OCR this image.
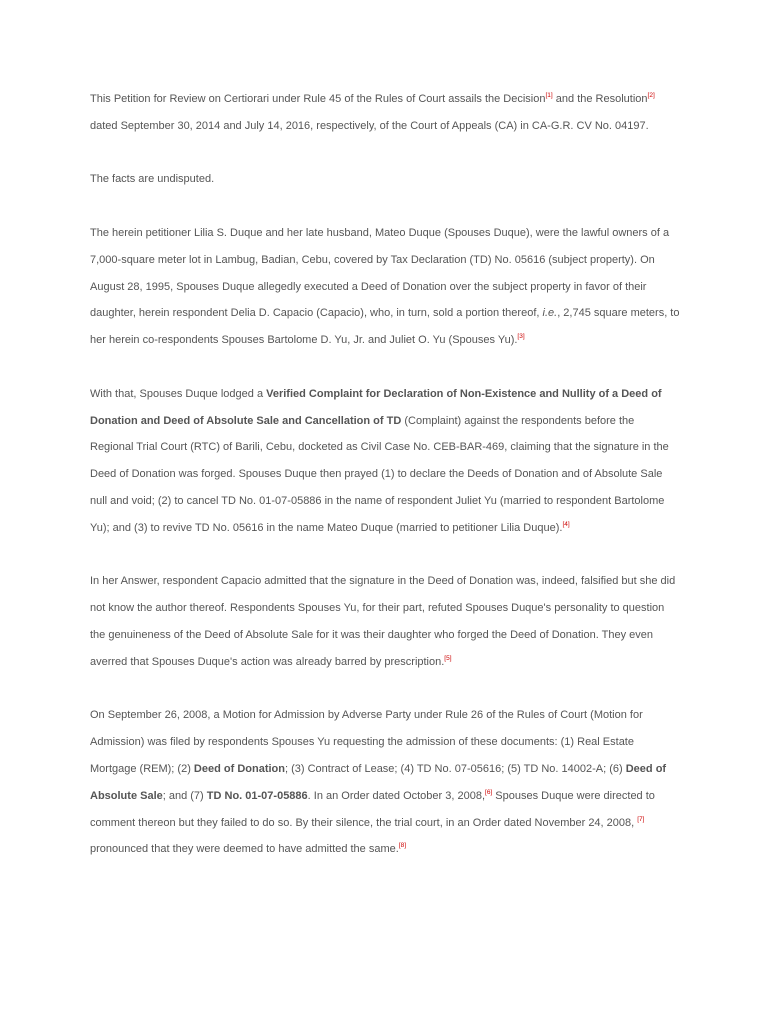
This Petition for Review on Certiorari under Rule 45 of the Rules of Court assails the Decision[1] and the Resolution[2] dated September 30, 2014 and July 14, 2016, respectively, of the Court of Appeals (CA) in CA-G.R. CV No. 04197.

The facts are undisputed.

The herein petitioner Lilia S. Duque and her late husband, Mateo Duque (Spouses Duque), were the lawful owners of a 7,000-square meter lot in Lambug, Badian, Cebu, covered by Tax Declaration (TD) No. 05616 (subject property). On August 28, 1995, Spouses Duque allegedly executed a Deed of Donation over the subject property in favor of their daughter, herein respondent Delia D. Capacio (Capacio), who, in turn, sold a portion thereof, i.e., 2,745 square meters, to her herein co-respondents Spouses Bartolome D. Yu, Jr. and Juliet O. Yu (Spouses Yu).[3]

With that, Spouses Duque lodged a Verified Complaint for Declaration of Non-Existence and Nullity of a Deed of Donation and Deed of Absolute Sale and Cancellation of TD (Complaint) against the respondents before the Regional Trial Court (RTC) of Barili, Cebu, docketed as Civil Case No. CEB-BAR-469, claiming that the signature in the Deed of Donation was forged. Spouses Duque then prayed (1) to declare the Deeds of Donation and of Absolute Sale null and void; (2) to cancel TD No. 01-07-05886 in the name of respondent Juliet Yu (married to respondent Bartolome Yu); and (3) to revive TD No. 05616 in the name Mateo Duque (married to petitioner Lilia Duque).[4]

In her Answer, respondent Capacio admitted that the signature in the Deed of Donation was, indeed, falsified but she did not know the author thereof. Respondents Spouses Yu, for their part, refuted Spouses Duque's personality to question the genuineness of the Deed of Absolute Sale for it was their daughter who forged the Deed of Donation. They even averred that Spouses Duque's action was already barred by prescription.[5]

On September 26, 2008, a Motion for Admission by Adverse Party under Rule 26 of the Rules of Court (Motion for Admission) was filed by respondents Spouses Yu requesting the admission of these documents: (1) Real Estate Mortgage (REM); (2) Deed of Donation; (3) Contract of Lease; (4) TD No. 07-05616; (5) TD No. 14002-A; (6) Deed of Absolute Sale; and (7) TD No. 01-07-05886. In an Order dated October 3, 2008,[6] Spouses Duque were directed to comment thereon but they failed to do so. By their silence, the trial court, in an Order dated November 24, 2008, [7] pronounced that they were deemed to have admitted the same.[8]
